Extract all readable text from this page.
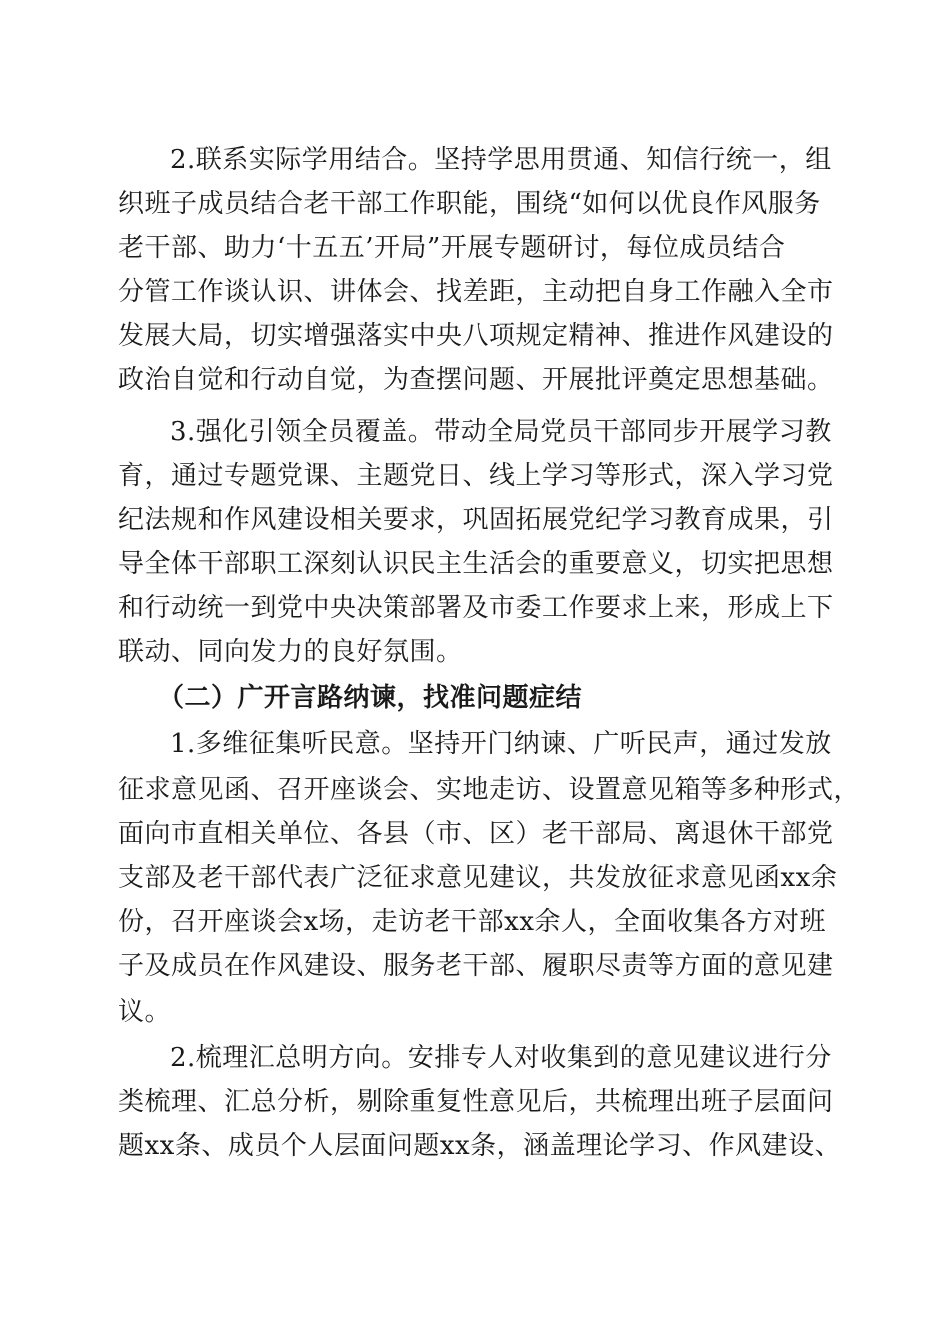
2.联系实际学用结合。坚持学思用贯通、知信行统一，组
织班子成员结合老干部工作职能，围绕“如何以优良作风服务
老干部、助力‘十五五’开局”开展专题研讨，每位成员结合
分管工作谈认识、讲体会、找差距，主动把自身工作融入全市
发展大局，切实增强落实中央八项规定精神、推进作风建设的
政治自觉和行动自觉，为查摆问题、开展批评奠定思想基础。
3.强化引领全员覆盖。带动全局党员干部同步开展学习教
育，通过专题党课、主题党日、线上学习等形式，深入学习党
纪法规和作风建设相关要求，巩固拓展党纪学习教育成果，引
导全体干部职工深刻认识民主生活会的重要意义，切实把思想
和行动统一到党中央决策部署及市委工作要求上来，形成上下
联动、同向发力的良好氛围。
（二）广开言路纳谏，找准问题症结
1.多维征集听民意。坚持开门纳谏、广听民声，通过发放
征求意见函、召开座谈会、实地走访、设置意见箱等多种形式，
面向市直相关单位、各县（市、区）老干部局、离退休干部党
支部及老干部代表广泛征求意见建议，共发放征求意见函xx余
份，召开座谈会x场，走访老干部xx余人，全面收集各方对班
子及成员在作风建设、服务老干部、履职尽责等方面的意见建
议。
2.梳理汇总明方向。安排专人对收集到的意见建议进行分
类梳理、汇总分析，剔除重复性意见后，共梳理出班子层面问
题xx条、成员个人层面问题xx条，涵盖理论学习、作风建设、
